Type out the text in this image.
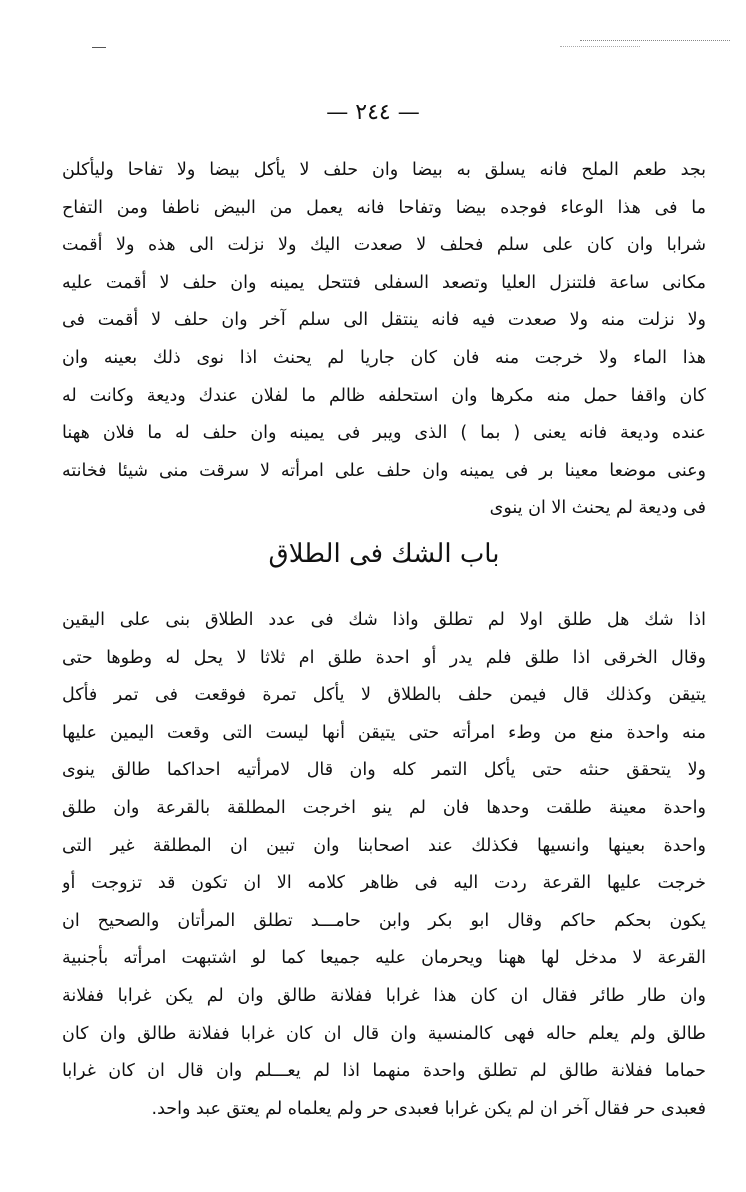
— ٢٤٤ —
بجد طعم الملح فانه يسلق به بيضا وان حلف لا يأكل بيضا ولا تفاحا وليأكلن
ما فى هذا الوعاء فوجده بيضا وتفاحا فانه يعمل من البيض ناطفا ومن التفاح
شرابا وان كان على سلم فحلف لا صعدت اليك ولا نزلت الى هذه ولا أقمت
مكانى ساعة فلتنزل العليا وتصعد السفلى فتتحل يمينه وان حلف لا أقمت عليه
ولا نزلت منه ولا صعدت فيه فانه ينتقل الى سلم آخر وان حلف لا أقمت فى
هذا الماء ولا خرجت منه فان كان جاريا لم يحنث اذا نوى ذلك بعينه وان
كان واقفا حمل منه مكرها وان استحلفه ظالم ما لفلان عندك وديعة وكانت له
عنده وديعة فانه يعنى ( بما ) الذى ويبر فى يمينه وان حلف له ما فلان ههنا
وعنى موضعا معينا بر فى يمينه وان حلف على امرأته لا سرقت منى شيئا فخانته
فى وديعة لم يحنث الا ان ينوى
باب الشك فى الطلاق
اذا شك هل طلق اولا لم تطلق واذا شك فى عدد الطلاق بنى على اليقين
وقال الخرقى اذا طلق فلم يدر أو احدة طلق ام ثلاثا لا يحل له وطوها حتى
يتيقن وكذلك قال فيمن حلف بالطلاق لا يأكل تمرة فوقعت فى تمر فأكل
منه واحدة منع من وطء امرأته حتى يتيقن أنها ليست التى وقعت اليمين عليها
ولا يتحقق حنثه حتى يأكل التمر كله وان قال لامرأتيه احداكما طالق ينوى
واحدة معينة طلقت وحدها فان لم ينو اخرجت المطلقة بالقرعة وان طلق
واحدة بعينها وانسيها فكذلك عند اصحابنا وان تبين ان المطلقة غير التى
خرجت عليها القرعة ردت اليه فى ظاهر كلامه الا ان تكون قد تزوجت أو
يكون بحكم حاكم وقال ابو بكر وابن حامـــد تطلق المرأتان والصحيح ان
القرعة لا مدخل لها ههنا ويحرمان عليه جميعا كما لو اشتبهت امرأته بأجنبية
وان طار طائر فقال ان كان هذا غرابا ففلانة طالق وان لم يكن غرابا ففلانة
طالق ولم يعلم حاله فهى كالمنسية وان قال ان كان غرابا ففلانة طالق وان كان
حماما ففلانة طالق لم تطلق واحدة منهما اذا لم يعـــلم وان قال ان كان غرابا
فعبدى حر فقال آخر ان لم يكن غرابا فعبدى حر ولم يعلماه لم يعتق عبد واحد.
